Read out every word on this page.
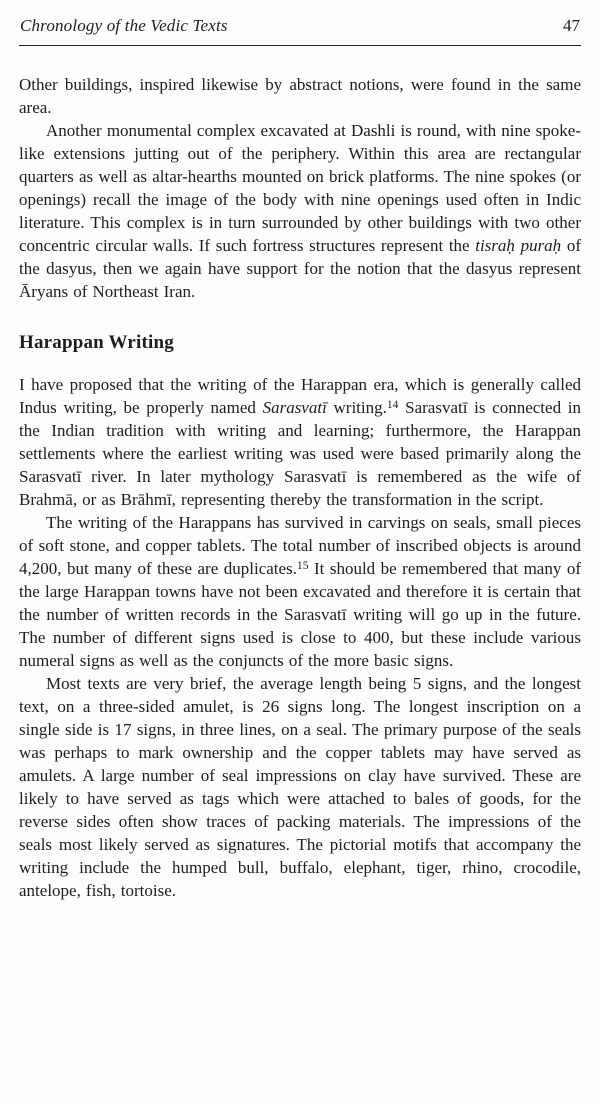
Chronology of the Vedic Texts	47

Other buildings, inspired likewise by abstract notions, were found in the same area.

Another monumental complex excavated at Dashli is round, with nine spoke-like extensions jutting out of the periphery. Within this area are rectangular quarters as well as altar-hearths mounted on brick platforms. The nine spokes (or openings) recall the image of the body with nine openings used often in Indic literature. This complex is in turn surrounded by other buildings with two other concentric circular walls. If such fortress structures represent the tisraḥ puraḥ of the dasyus, then we again have support for the notion that the dasyus represent Āryans of Northeast Iran.

Harappan Writing

I have proposed that the writing of the Harappan era, which is generally called Indus writing, be properly named Sarasvatī writing.$^{14}$ Sarasvatī is connected in the Indian tradition with writing and learning; furthermore, the Harappan settlements where the earliest writing was used were based primarily along the Sarasvatī river. In later mythology Sarasvatī is remembered as the wife of Brahmā, or as Brāhmī, representing thereby the transformation in the script.

The writing of the Harappans has survived in carvings on seals, small pieces of soft stone, and copper tablets. The total number of inscribed objects is around 4,200, but many of these are duplicates.$^{15}$ It should be remembered that many of the large Harappan towns have not been excavated and therefore it is certain that the number of written records in the Sarasvatī writing will go up in the future. The number of different signs used is close to 400, but these include various numeral signs as well as the conjuncts of the more basic signs.

Most texts are very brief, the average length being 5 signs, and the longest text, on a three-sided amulet, is 26 signs long. The longest inscription on a single side is 17 signs, in three lines, on a seal. The primary purpose of the seals was perhaps to mark ownership and the copper tablets may have served as amulets. A large number of seal impressions on clay have survived. These are likely to have served as tags which were attached to bales of goods, for the reverse sides often show traces of packing materials. The impressions of the seals most likely served as signatures. The pictorial motifs that accompany the writing include the humped bull, buffalo, elephant, tiger, rhino, crocodile, antelope, fish, tortoise.
